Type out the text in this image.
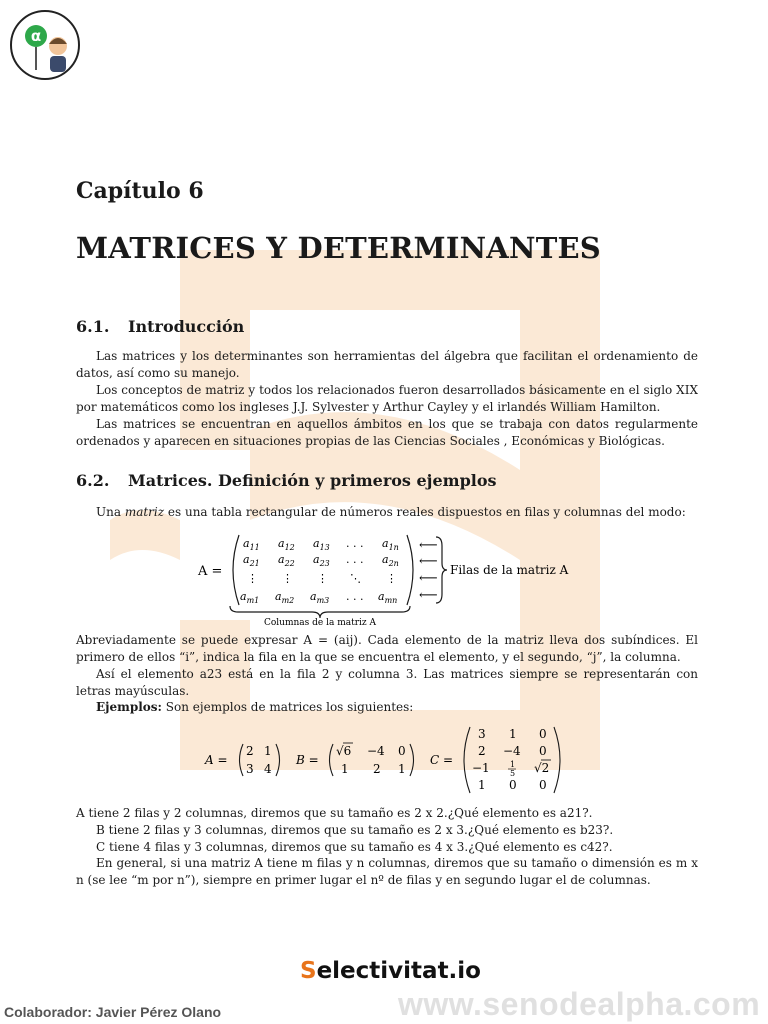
α
Capítulo 6
MATRICES Y DETERMINANTES
6.1. Introducción

Las matrices y los determinantes son herramientas del álgebra que facilitan el ordenamiento de datos, así como su manejo.

Los conceptos de matriz y todos los relacionados fueron desarrollados básicamente en el siglo XIX por matemáticos como los ingleses J.J. Sylvester y Arthur Cayley y el irlandés William Hamilton.

Las matrices se encuentran en aquellos ámbitos en los que se trabaja con datos regularmente ordenados y aparecen en situaciones propias de las Ciencias Sociales , Económicas y Biológicas.

6.2. Matrices. Definición y primeros ejemplos

Una matriz es una tabla rectangular de números reales dispuestos en filas y columnas del modo:

A =
$a_{11}$ $a_{12}$ $a_{13}$ . . . $a_{1n}$
$a_{21}$ $a_{22}$ $a_{23}$ . . . $a_{2n}$
⋮ ⋮ ⋮ ⋱ ⋮
$a_{m1}$ $a_{m2}$ $a_{m3}$ . . . $a_{mn}$
⟵
⟵
⟵
⟵
Filas de la matriz A
Columnas de la matriz A

Abreviadamente se puede expresar A = (aij). Cada elemento de la matriz lleva dos subíndices. El primero de ellos “i”, indica la fila en la que se encuentra el elemento, y el segundo, “j”, la columna.

Así el elemento a23 está en la fila 2 y columna 3. Las matrices siempre se representarán con letras mayúsculas.

Ejemplos: Son ejemplos de matrices los siguientes:

A =
2 1
3 4
B =
√6 −4 0
1 2 1
C =
3 1 0
2 −4 0
−1	1
5 √2
1 0 0

A tiene 2 filas y 2 columnas, diremos que su tamaño es 2 x 2.¿Qué elemento es a21?.

B tiene 2 filas y 3 columnas, diremos que su tamaño es 2 x 3.¿Qué elemento es b23?.

C tiene 4 filas y 3 columnas, diremos que su tamaño es 4 x 3.¿Qué elemento es c42?.

En general, si una matriz A tiene m filas y n columnas, diremos que su tamaño o dimensión es m x n (se lee “m por n”), siempre en primer lugar el nº de filas y en segundo lugar el de columnas.

Selectivitat.io
www.senodealpha.com
Colaborador: Javier Pérez Olano
